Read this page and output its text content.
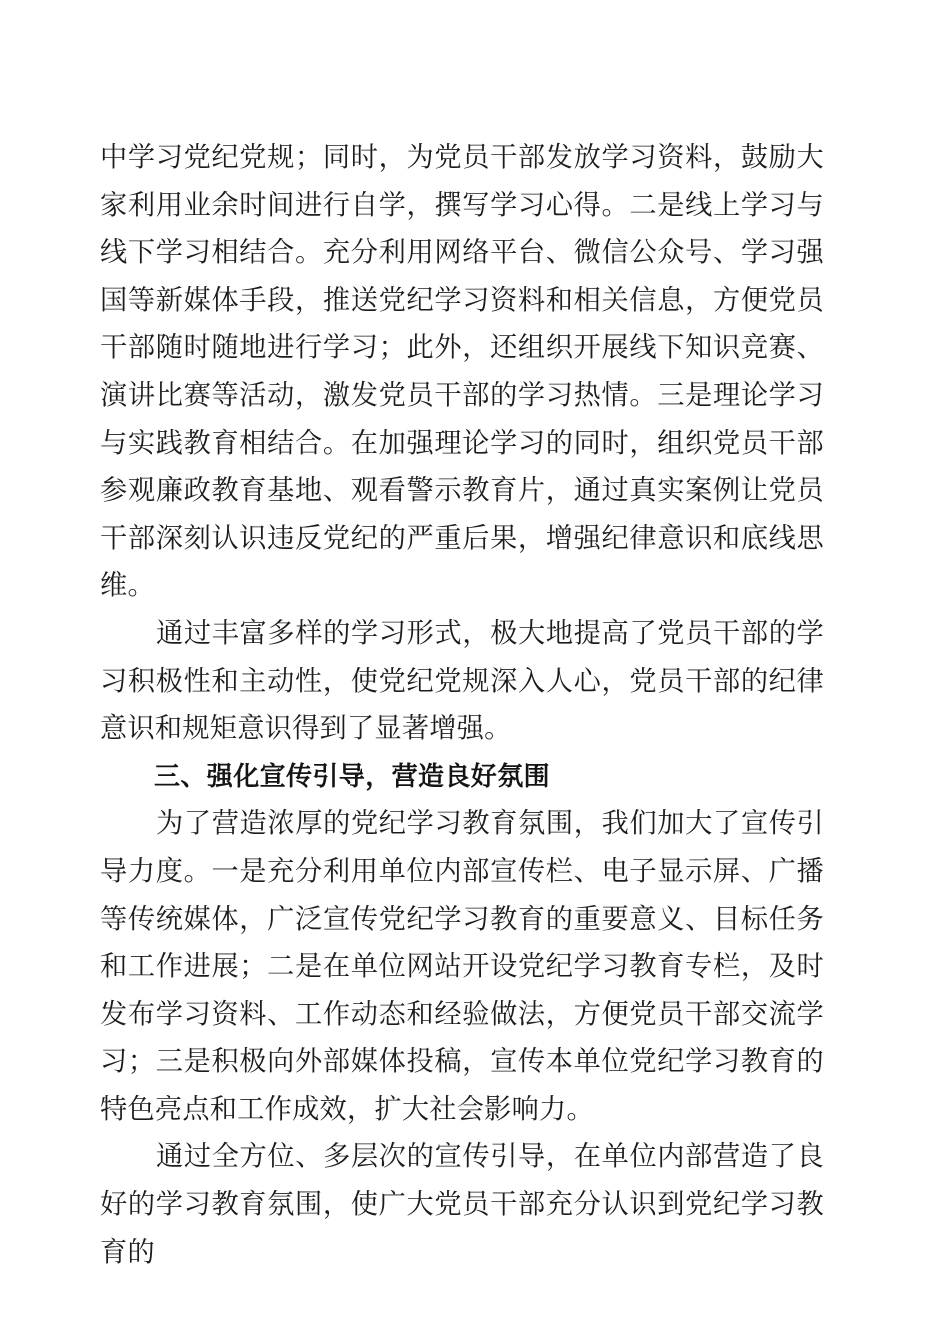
中学习党纪党规；同时，为党员干部发放学习资料，鼓励大家利用业余时间进行自学，撰写学习心得。二是线上学习与线下学习相结合。充分利用网络平台、微信公众号、学习强国等新媒体手段，推送党纪学习资料和相关信息，方便党员干部随时随地进行学习；此外，还组织开展线下知识竞赛、演讲比赛等活动，激发党员干部的学习热情。三是理论学习与实践教育相结合。在加强理论学习的同时，组织党员干部参观廉政教育基地、观看警示教育片，通过真实案例让党员干部深刻认识违反党纪的严重后果，增强纪律意识和底线思维。

通过丰富多样的学习形式，极大地提高了党员干部的学习积极性和主动性，使党纪党规深入人心，党员干部的纪律意识和规矩意识得到了显著增强。

三、强化宣传引导，营造良好氛围

为了营造浓厚的党纪学习教育氛围，我们加大了宣传引导力度。一是充分利用单位内部宣传栏、电子显示屏、广播等传统媒体，广泛宣传党纪学习教育的重要意义、目标任务和工作进展；二是在单位网站开设党纪学习教育专栏，及时发布学习资料、工作动态和经验做法，方便党员干部交流学习；三是积极向外部媒体投稿，宣传本单位党纪学习教育的特色亮点和工作成效，扩大社会影响力。

通过全方位、多层次的宣传引导，在单位内部营造了良好的学习教育氛围，使广大党员干部充分认识到党纪学习教育的
